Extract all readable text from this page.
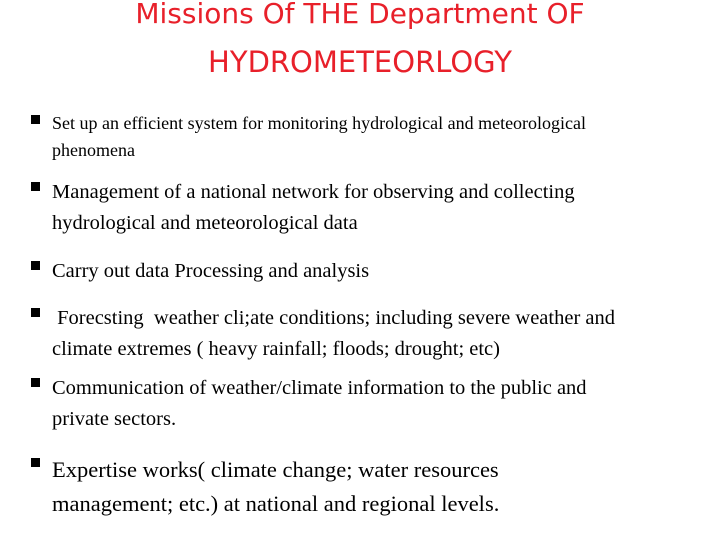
Missions Of THE Department OF
HYDROMETEORLOGY
Set up an efficient system for monitoring hydrological and meteorological
phenomena
Management of a national network for observing and collecting
hydrological and meteorological data
Carry out data Processing and analysis
Forecsting  weather cli;ate conditions; including severe weather and
climate extremes ( heavy rainfall; floods; drought; etc)
Communication of weather/climate information to the public and
private sectors.
Expertise works( climate change; water resources
management; etc.) at national and regional levels.
